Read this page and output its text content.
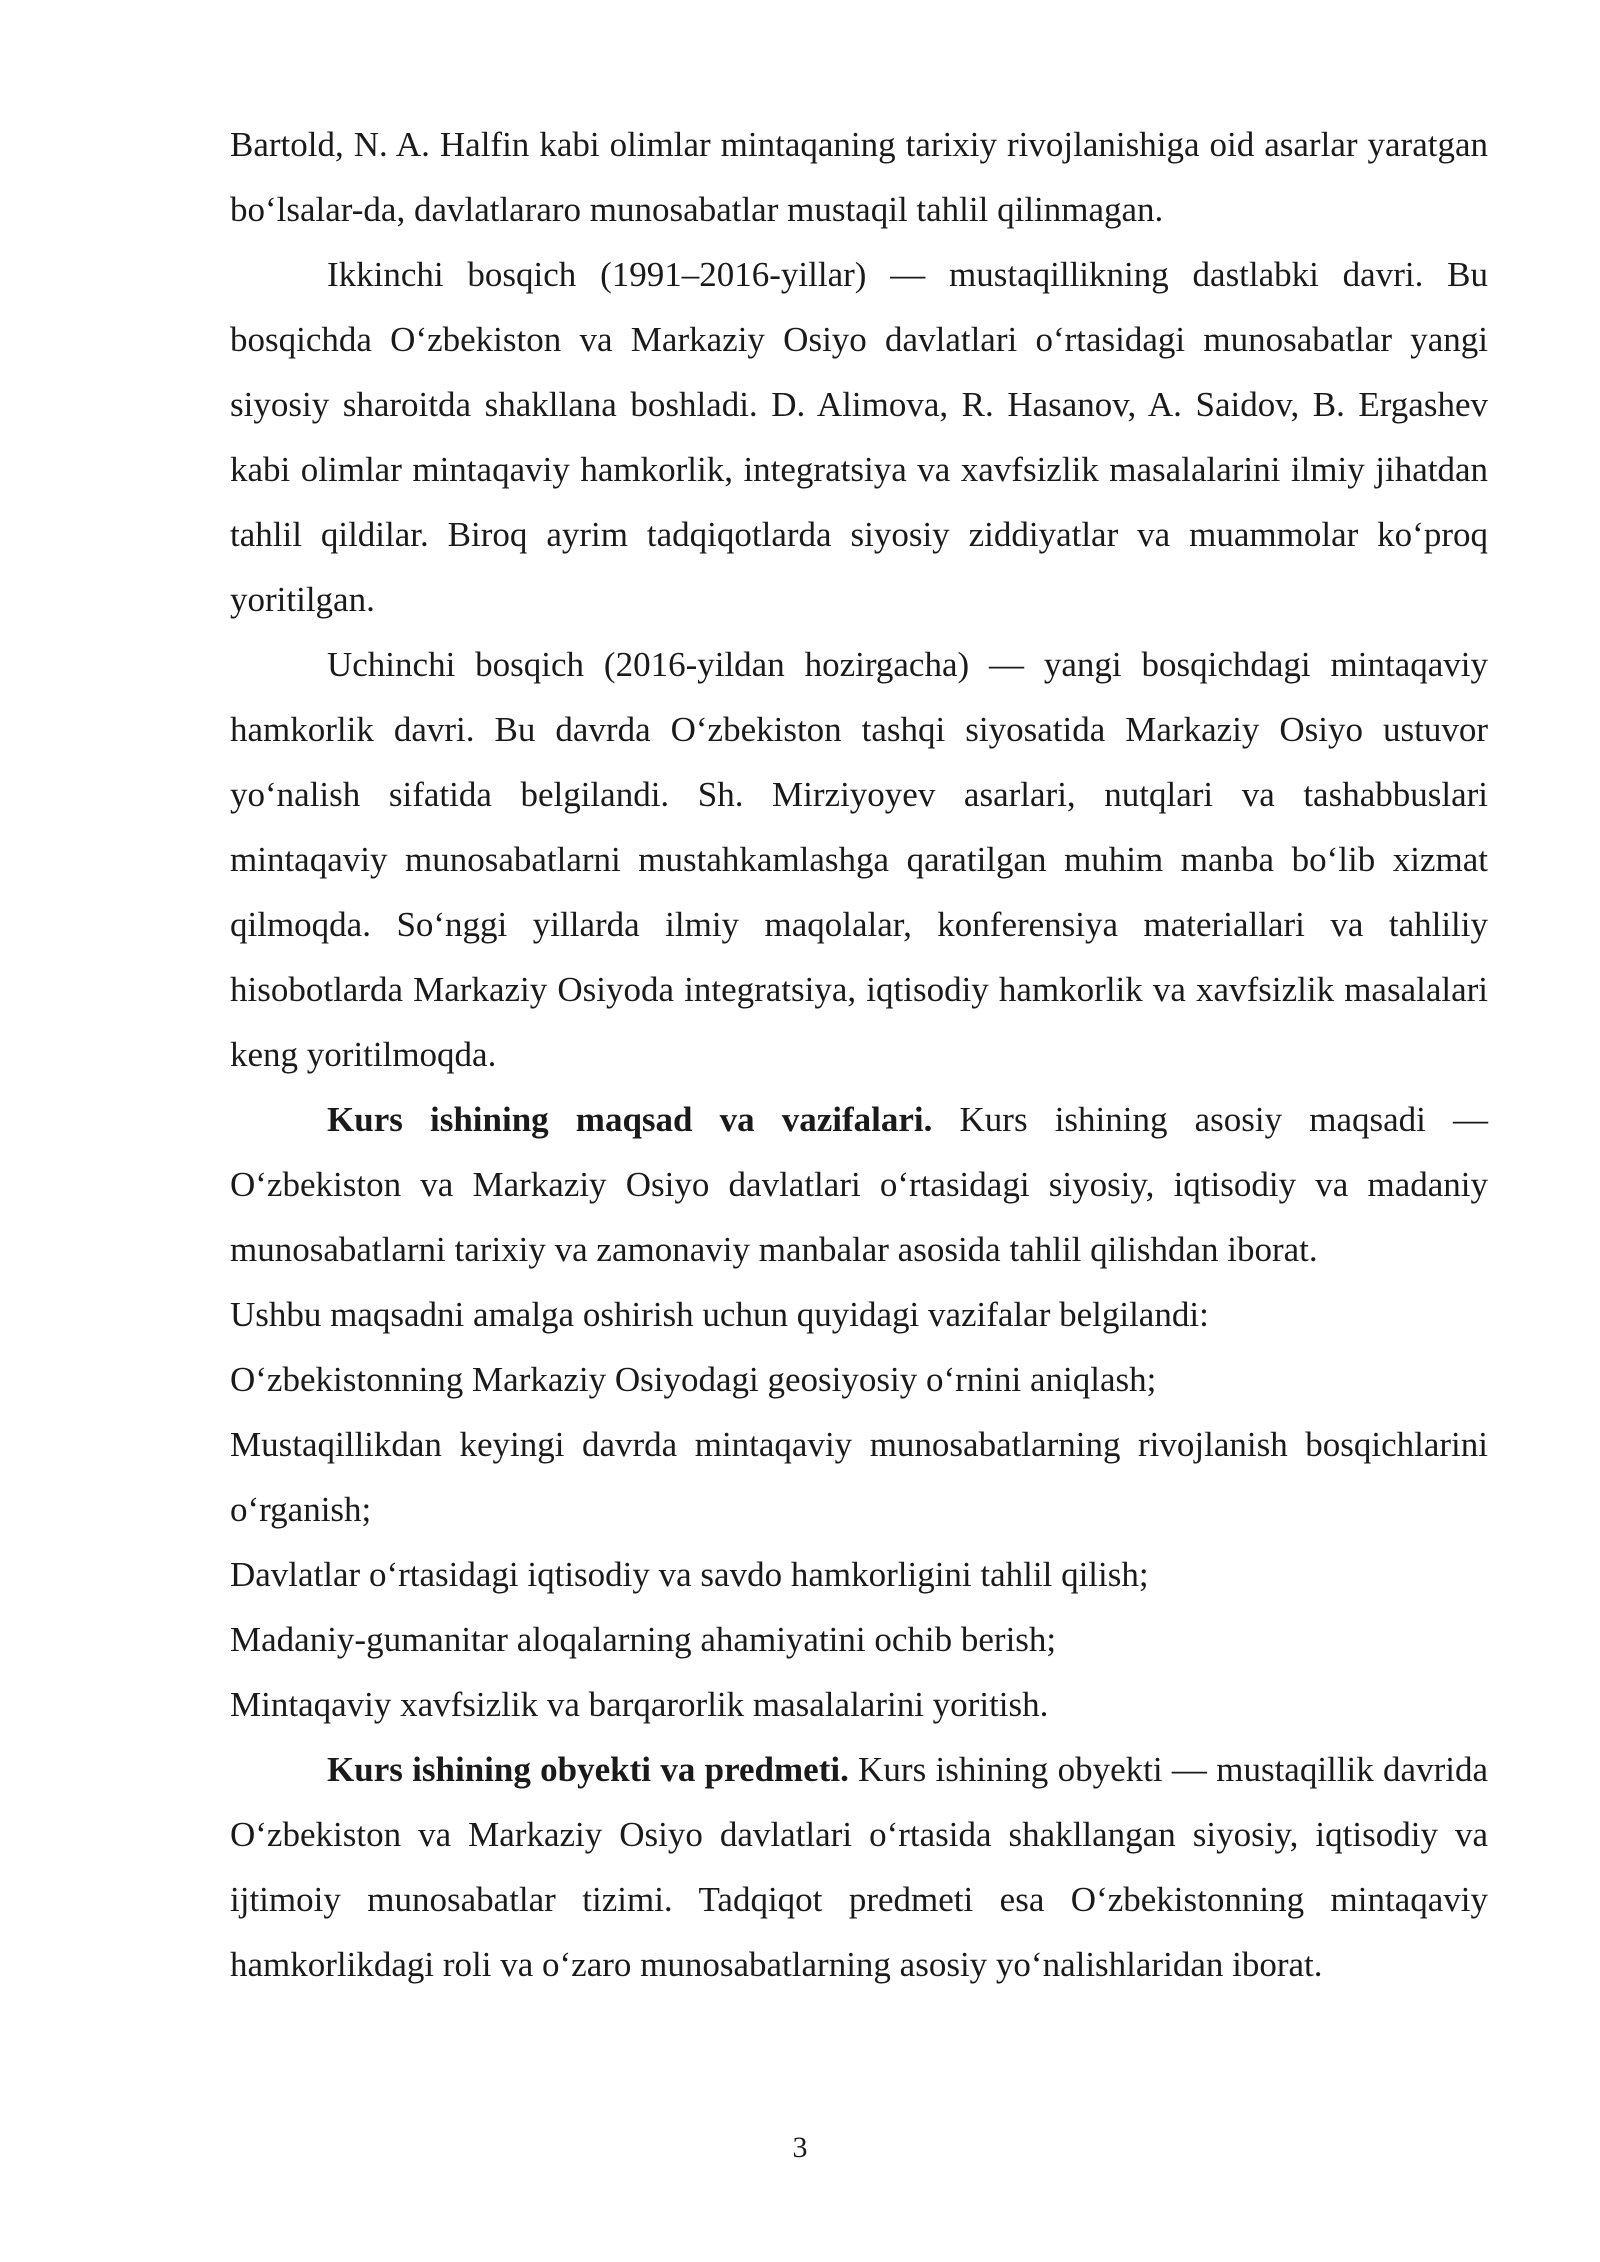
Bartold, N. A. Halfin kabi olimlar mintaqaning tarixiy rivojlanishiga oid asarlar yaratgan boʻlsalar-da, davlatlararo munosabatlar mustaqil tahlil qilinmagan.

Ikkinchi bosqich (1991–2016-yillar) — mustaqillikning dastlabki davri. Bu bosqichda Oʻzbekiston va Markaziy Osiyo davlatlari oʻrtasidagi munosabatlar yangi siyosiy sharoitda shakllana boshladi. D. Alimova, R. Hasanov, A. Saidov, B. Ergashev kabi olimlar mintaqaviy hamkorlik, integratsiya va xavfsizlik masalalarini ilmiy jihatdan tahlil qildilar. Biroq ayrim tadqiqotlarda siyosiy ziddiyatlar va muammolar koʻproq yoritilgan.

Uchinchi bosqich (2016-yildan hozirgacha) — yangi bosqichdagi mintaqaviy hamkorlik davri. Bu davrda Oʻzbekiston tashqi siyosatida Markaziy Osiyo ustuvor yoʻnalish sifatida belgilandi. Sh. Mirziyoyev asarlari, nutqlari va tashabbuslari mintaqaviy munosabatlarni mustahkamlashga qaratilgan muhim manba boʻlib xizmat qilmoqda. Soʻnggi yillarda ilmiy maqolalar, konferensiya materiallari va tahliliy hisobotlarda Markaziy Osiyoda integratsiya, iqtisodiy hamkorlik va xavfsizlik masalalari keng yoritilmoqda.

Kurs ishining maqsad va vazifalari. Kurs ishining asosiy maqsadi — Oʻzbekiston va Markaziy Osiyo davlatlari oʻrtasidagi siyosiy, iqtisodiy va madaniy munosabatlarni tarixiy va zamonaviy manbalar asosida tahlil qilishdan iborat.

Ushbu maqsadni amalga oshirish uchun quyidagi vazifalar belgilandi:

Oʻzbekistonning Markaziy Osiyodagi geosiyosiy oʻrnini aniqlash;

Mustaqillikdan keyingi davrda mintaqaviy munosabatlarning rivojlanish bosqichlarini oʻrganish;

Davlatlar oʻrtasidagi iqtisodiy va savdo hamkorligini tahlil qilish;

Madaniy-gumanitar aloqalarning ahamiyatini ochib berish;

Mintaqaviy xavfsizlik va barqarorlik masalalarini yoritish.

Kurs ishining obyekti va predmeti. Kurs ishining obyekti — mustaqillik davrida Oʻzbekiston va Markaziy Osiyo davlatlari oʻrtasida shakllangan siyosiy, iqtisodiy va ijtimoiy munosabatlar tizimi. Tadqiqot predmeti esa Oʻzbekistonning mintaqaviy hamkorlikdagi roli va oʻzaro munosabatlarning asosiy yoʻnalishlaridan iborat.

3
